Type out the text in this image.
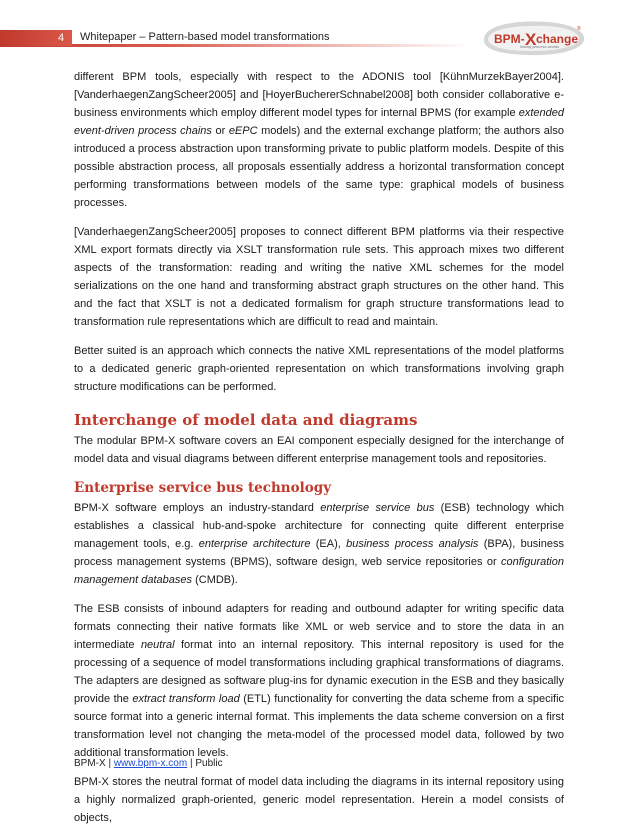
4 Whitepaper – Pattern-based model transformations	BPM- X change
®
linking process worlds

different BPM tools, especially with respect to the ADONIS tool [KühnMurzekBayer2004]. [VanderhaegenZangScheer2005] and [HoyerBuchererSchnabel2008] both consider collaborative e-business environments which employ different model types for internal BPMS (for example extended event-driven process chains or eEPC models) and the external exchange platform; the authors also introduced a process abstraction upon transforming private to public platform models. Despite of this possible abstraction process, all proposals essentially address a horizontal transformation concept performing transformations between models of the same type: graphical models of business processes.

[VanderhaegenZangScheer2005] proposes to connect different BPM platforms via their respective XML export formats directly via XSLT transformation rule sets. This approach mixes two different aspects of the transformation: reading and writing the native XML schemes for the model serializations on the one hand and transforming abstract graph structures on the other hand. This and the fact that XSLT is not a dedicated formalism for graph structure transformations lead to transformation rule representations which are difficult to read and maintain.

Better suited is an approach which connects the native XML representations of the model platforms to a dedicated generic graph-oriented representation on which transformations involving graph structure modifications can be performed.

Interchange of model data and diagrams

The modular BPM-X software covers an EAI component especially designed for the interchange of model data and visual diagrams between different enterprise management tools and repositories.

Enterprise service bus technology

BPM-X software employs an industry-standard enterprise service bus (ESB) technology which establishes a classical hub-and-spoke architecture for connecting quite different enterprise management tools, e.g. enterprise architecture (EA), business process analysis (BPA), business process management systems (BPMS), software design, web service repositories or configuration management databases (CMDB).

The ESB consists of inbound adapters for reading and outbound adapter for writing specific data formats connecting their native formats like XML or web service and to store the data in an intermediate neutral format into an internal repository. This internal repository is used for the processing of a sequence of model transformations including graphical transformations of diagrams. The adapters are designed as software plug-ins for dynamic execution in the ESB and they basically provide the extract transform load (ETL) functionality for converting the data scheme from a specific source format into a generic internal format. This implements the data scheme conversion on a first transformation level not changing the meta-model of the processed model data, followed by two additional transformation levels.

BPM-X stores the neutral format of model data including the diagrams in its internal repository using a highly normalized graph-oriented, generic model representation. Herein a model consists of objects,

BPM-X | www.bpm-x.com | Public
